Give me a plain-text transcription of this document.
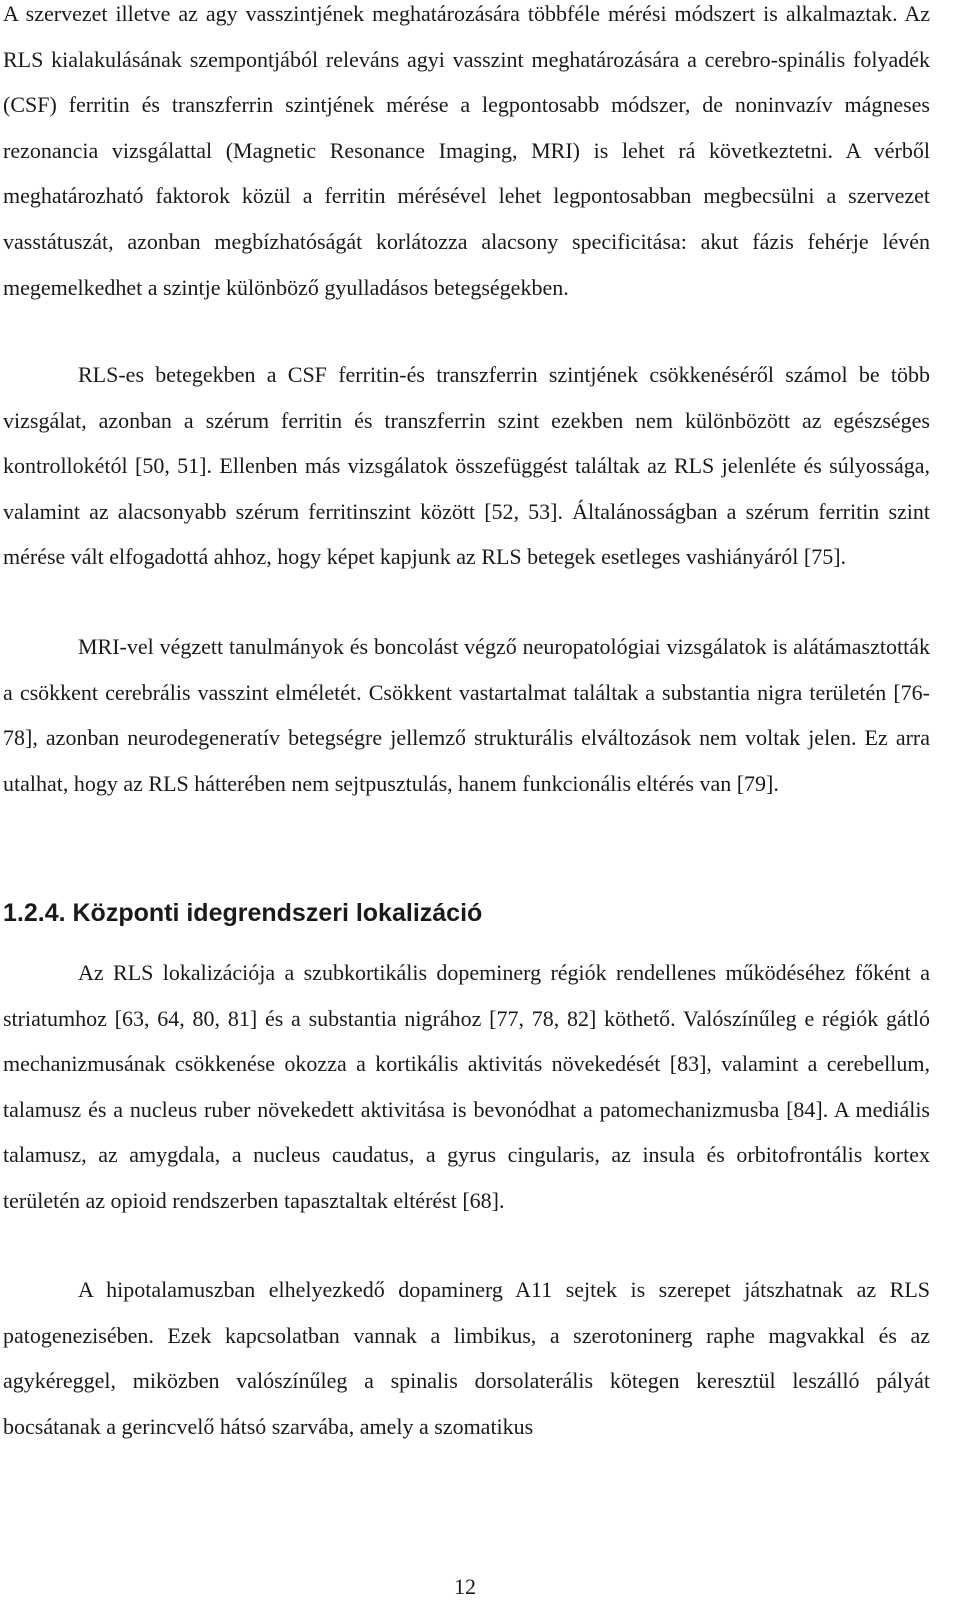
A szervezet illetve az agy vasszintjének meghatározására többféle mérési módszert is alkalmaztak. Az RLS kialakulásának szempontjából releváns agyi vasszint meghatározására a cerebro-spinális folyadék (CSF) ferritin és transzferrin szintjének mérése a legpontosabb módszer, de noninvazív mágneses rezonancia vizsgálattal (Magnetic Resonance Imaging, MRI) is lehet rá következtetni. A vérből meghatározható faktorok közül a ferritin mérésével lehet legpontosabban megbecsülni a szervezet vasstátuszát, azonban megbízhatóságát korlátozza alacsony specificitása: akut fázis fehérje lévén megemelkedhet a szintje különböző gyulladásos betegségekben.

RLS-es betegekben a CSF ferritin-és transzferrin szintjének csökkenéséről számol be több vizsgálat, azonban a szérum ferritin és transzferrin szint ezekben nem különbözött az egészséges kontrollokétól [50, 51]. Ellenben más vizsgálatok összefüggést találtak az RLS jelenléte és súlyossága, valamint az alacsonyabb szérum ferritinszint között [52, 53]. Általánosságban a szérum ferritin szint mérése vált elfogadottá ahhoz, hogy képet kapjunk az RLS betegek esetleges vashiányáról [75].

MRI-vel végzett tanulmányok és boncolást végző neuropatológiai vizsgálatok is alátámasztották a csökkent cerebrális vasszint elméletét. Csökkent vastartalmat találtak a substantia nigra területén [76-78], azonban neurodegeneratív betegségre jellemző strukturális elváltozások nem voltak jelen. Ez arra utalhat, hogy az RLS hátterében nem sejtpusztulás, hanem funkcionális eltérés van [79].

1.2.4. Központi idegrendszeri lokalizáció

Az RLS lokalizációja a szubkortikális dopeminerg régiók rendellenes működéséhez főként a striatumhoz [63, 64, 80, 81] és a substantia nigrához [77, 78, 82] köthető. Valószínűleg e régiók gátló mechanizmusának csökkenése okozza a kortikális aktivitás növekedését [83], valamint a cerebellum, talamusz és a nucleus ruber növekedett aktivitása is bevonódhat a patomechanizmusba [84]. A mediális talamusz, az amygdala, a nucleus caudatus, a gyrus cingularis, az insula és orbitofrontális kortex területén az opioid rendszerben tapasztaltak eltérést [68].

A hipotalamuszban elhelyezkedő dopaminerg A11 sejtek is szerepet játszhatnak az RLS patogenezisében. Ezek kapcsolatban vannak a limbikus, a szerotoninerg raphe magvakkal és az agykéreggel, miközben valószínűleg a spinalis dorsolaterális kötegen keresztül leszálló pályát bocsátanak a gerincvelő hátsó szarvába, amely a szomatikus

12
